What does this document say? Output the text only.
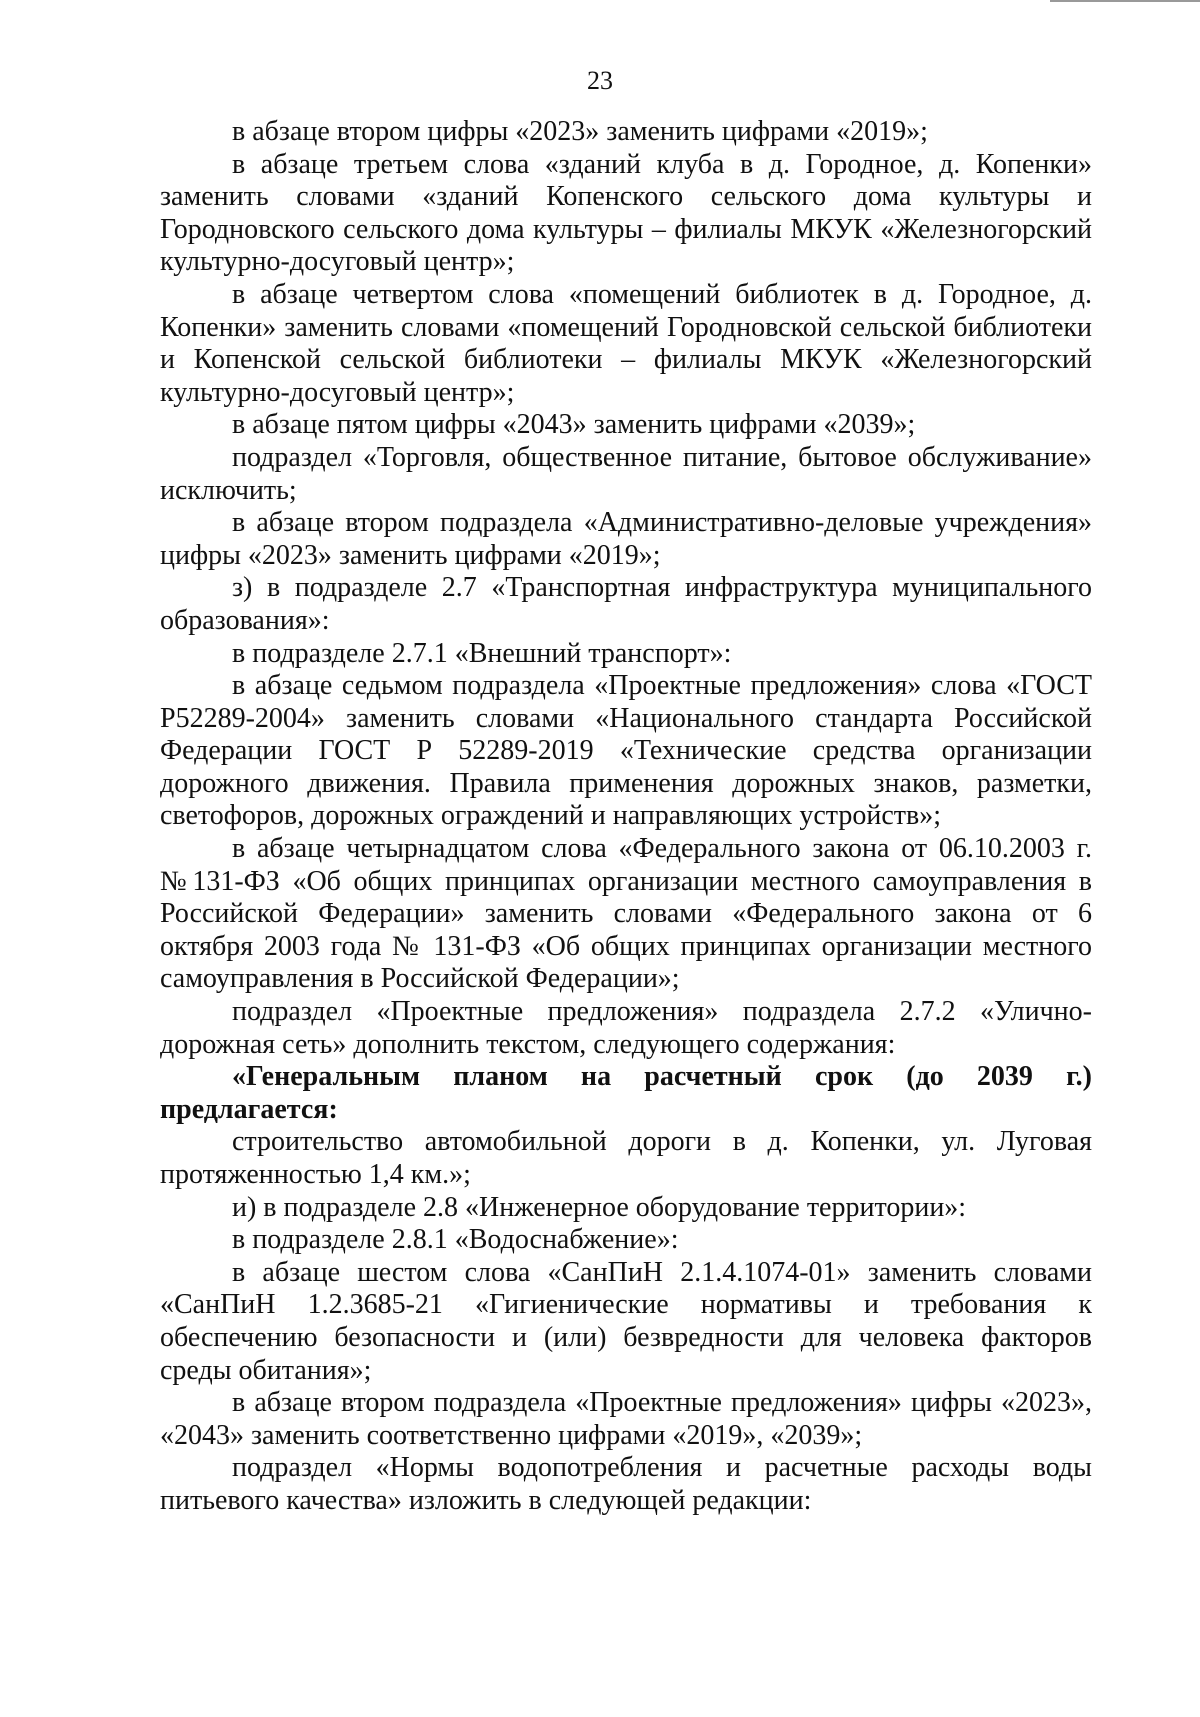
23

в абзаце втором цифры «2023» заменить цифрами «2019»;

в абзаце третьем слова «зданий клуба в д. Городное, д. Копенки» заменить словами «зданий Копенского сельского дома культуры и Городновского сельского дома культуры – филиалы МКУК «Железногорский культурно-досуговый центр»;

в абзаце четвертом слова «помещений библиотек в д. Городное, д. Копенки» заменить словами «помещений Городновской сельской библиотеки и Копенской сельской библиотеки – филиалы МКУК «Железногорский культурно-досуговый центр»;

в абзаце пятом цифры «2043» заменить цифрами «2039»;

подраздел «Торговля, общественное питание, бытовое обслуживание» исключить;

в абзаце втором подраздела «Административно-деловые учреждения» цифры «2023» заменить цифрами «2019»;

з) в подразделе 2.7 «Транспортная инфраструктура муниципального образования»:

в подразделе 2.7.1 «Внешний транспорт»:

в абзаце седьмом подраздела «Проектные предложения» слова «ГОСТ Р52289-2004» заменить словами «Национального стандарта Российской Федерации ГОСТ Р 52289-2019 «Технические средства организации дорожного движения. Правила применения дорожных знаков, разметки, светофоров, дорожных ограждений и направляющих устройств»;

в абзаце четырнадцатом слова «Федерального закона от 06.10.2003 г. №131-ФЗ «Об общих принципах организации местного самоуправления в Российской Федерации» заменить словами «Федерального закона от 6 октября 2003 года № 131-ФЗ «Об общих принципах организации местного самоуправления в Российской Федерации»;

подраздел «Проектные предложения» подраздела 2.7.2 «Улично-дорожная сеть» дополнить текстом, следующего содержания:

«Генеральным планом на расчетный срок (до 2039 г.) предлагается:

строительство автомобильной дороги в д. Копенки, ул. Луговая протяженностью 1,4 км.»;

и) в подразделе 2.8 «Инженерное оборудование территории»:

в подразделе 2.8.1 «Водоснабжение»:

в абзаце шестом слова «СанПиН 2.1.4.1074-01» заменить словами «СанПиН 1.2.3685-21 «Гигиенические нормативы и требования к обеспечению безопасности и (или) безвредности для человека факторов среды обитания»;

в абзаце втором подраздела «Проектные предложения» цифры «2023», «2043» заменить соответственно цифрами «2019», «2039»;

подраздел «Нормы водопотребления и расчетные расходы воды питьевого качества» изложить в следующей редакции:
